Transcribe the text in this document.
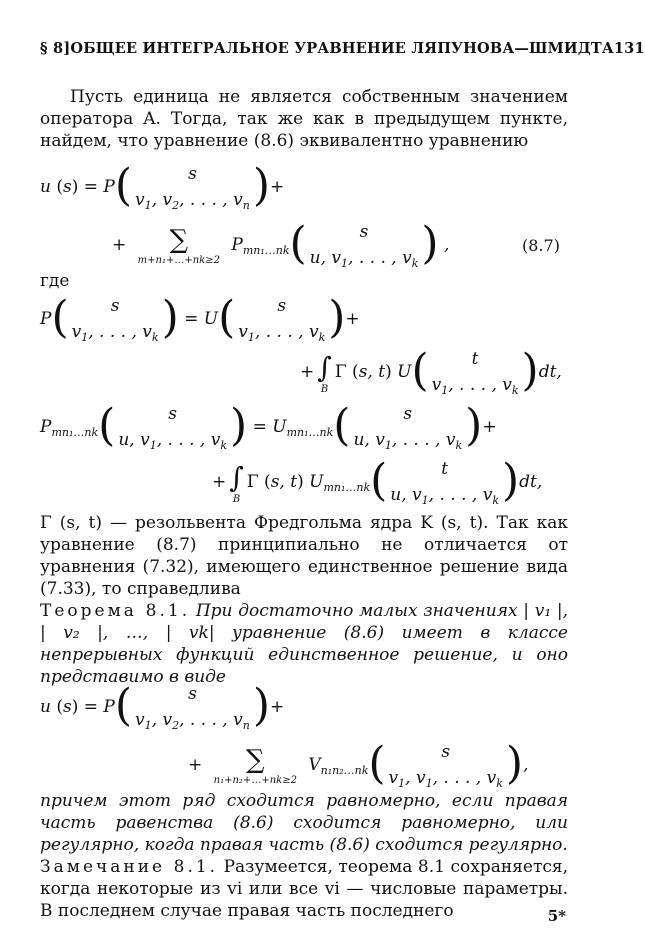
§ 8] ОБЩЕЕ ИНТЕГРАЛЬНОЕ УРАВНЕНИЕ ЛЯПУНОВА—ШМИДТА 131
Пусть единица не является собственным значением оператора A. Тогда, так же как в предыдущем пункте, найдем, что уравнение (8.6) эквивалентно уравнению
u (s) = P(	s
$v_1$, $v_2$, . . . , $v_n$ )+
+ ∑
m+n₁+…+nk≥2
$P_{mn_1\dots nk}$(	s
u, $v_1$, . . . , $v_k$ ) ,	(8.7)
где
P( s
$v_1$, . . . , $v_k$ ) = U( s
$v_1$, . . . , $v_k$ )+
+ ∫
B
Γ (s, t) U(	t
$v_1$, . . . , $v_k$ )dt,
$P_{mn_1\dots nk}$(	s
u, $v_1$, . . . , $v_k$ ) = $U_{mn_1\dots nk}$(	s
u, $v_1$, . . . , $v_k$ )+
+ ∫
B
Γ (s, t) $U_{mn_1\dots nk}$(	t
u, $v_1$, . . . , $v_k$ )dt,
Γ (s, t) — резольвента Фредгольма ядра K (s, t). Так как уравнение (8.7) принципиально не отличается от уравнения (7.32), имеющего единственное решение вида (7.33), то справедлива
Теорема 8.1. При достаточно малых значениях | v₁ |, | v₂ |, …, | vk| уравнение (8.6) имеет в классе непрерывных функций единственное решение, и оно представимо в виде
u (s) = P(	s
$v_1$, $v_2$, . . . , $v_n$ )+
+ ∑
n₁+n₂+…+nk≥2
$V_{n_1n_2\dots nk}$(	s
$v_1$, $v_1$, . . . , $v_k$ ),
причем этот ряд сходится равномерно, если правая часть равенства (8.6) сходится равномерно, или регулярно, когда правая часть (8.6) сходится регулярно.
Замечание 8.1. Разумеется, теорема 8.1 сохраняется, когда некоторые из vi или все vi — числовые параметры. В последнем случае правая часть последнего	5*
